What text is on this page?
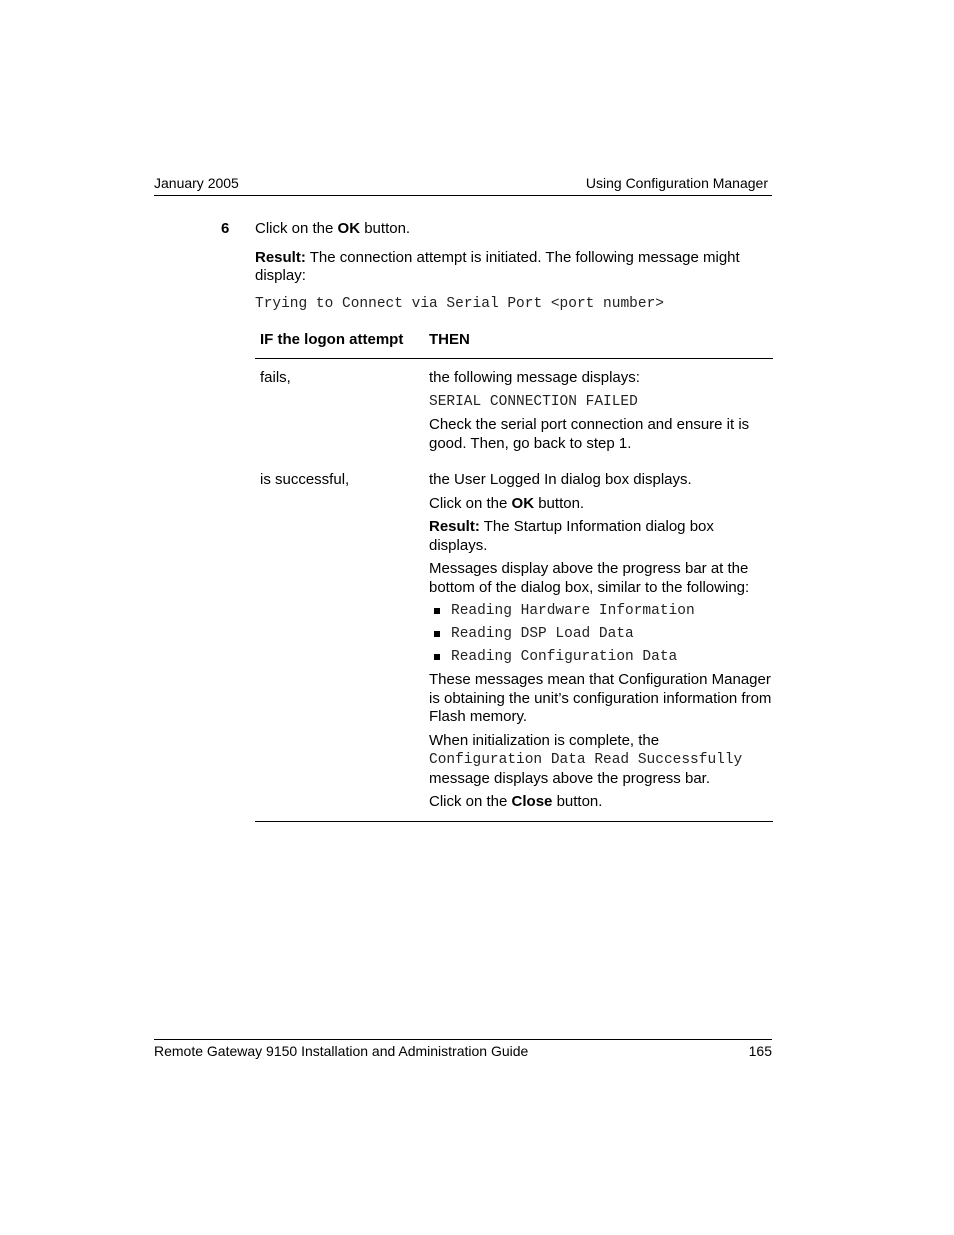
January 2005	Using Configuration Manager
6 Click on the OK button.

Result: The connection attempt is initiated. The following message might display:

Trying to Connect via Serial Port <port number>

IF the logon attempt THEN
fails,	the following message displays:

SERIAL CONNECTION FAILED

Check the serial port connection and ensure it is good. Then, go back to step 1.

is successful,	the User Logged In dialog box displays.

Click on the OK button.

Result: The Startup Information dialog box displays.

Messages display above the progress bar at the bottom of the dialog box, similar to the following:

Reading Hardware Information
Reading DSP Load Data
Reading Configuration Data

These messages mean that Configuration Manager is obtaining the unit’s configuration information from Flash memory.

When initialization is complete, the
Configuration Data Read Successfully
message displays above the progress bar.

Click on the Close button.

Remote Gateway 9150 Installation and Administration Guide	165
